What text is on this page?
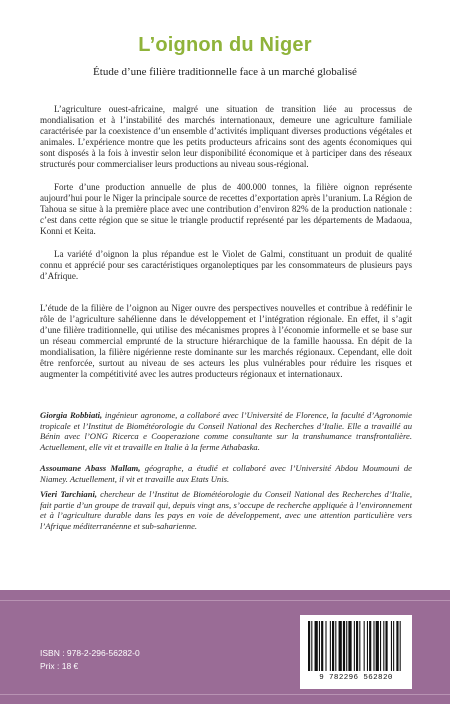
L’oignon du Niger
Étude d’une filière traditionnelle face à un marché globalisé

L’agriculture ouest-africaine, malgré une situation de transition liée au processus de mondialisation et à l’instabilité des marchés internationaux, demeure une agriculture familiale caractérisée par la coexistence d’un ensemble d’activités impliquant diverses productions végétales et animales. L’expérience montre que les petits producteurs africains sont des agents économiques qui sont disposés à la fois à investir selon leur disponibilité économique et à participer dans des réseaux structurés pour commercialiser leurs productions au niveau sous-régional.

Forte d’une production annuelle de plus de 400.000 tonnes, la filière oignon représente aujourd’hui pour le Niger la principale source de recettes d’exportation après l’uranium. La Région de Tahoua se situe à la première place avec une contribution d’environ 82% de la production nationale : c’est dans cette région que se situe le triangle productif représenté par les départements de Madaoua, Konni et Keita.

La variété d’oignon la plus répandue est le Violet de Galmi, constituant un produit de qualité connu et apprécié pour ses caractéristiques organoleptiques par les consommateurs de plusieurs pays d’Afrique.

L’étude de la filière de l’oignon au Niger ouvre des perspectives nouvelles et contribue à redéfinir le rôle de l’agriculture sahélienne dans le développement et l’intégration régionale. En effet, il s’agit d’une filière traditionnelle, qui utilise des mécanismes propres à l’économie informelle et se base sur un réseau commercial emprunté de la structure hiérarchique de la famille haoussa. En dépit de la mondialisation, la filière nigérienne reste dominante sur les marchés régionaux. Cependant, elle doit être renforcée, surtout au niveau de ses acteurs les plus vulnérables pour réduire les risques et augmenter la compétitivité avec les autres producteurs régionaux et internationaux.

Giorgia Robbiati, ingénieur agronome, a collaboré avec l’Université de Florence, la faculté d’Agronomie tropicale et l’Institut de Biométéorologie du Conseil National des Recherches d’Italie. Elle a travaillé au Bénin avec l’ONG Ricerca e Cooperazione comme consultante sur la transhumance transfrontalière. Actuellement, elle vit et travaille en Italie à la ferme Athabaska.
Assoumane Abass Mallam, géographe, a étudié et collaboré avec l’Université Abdou Moumouni de Niamey. Actuellement, il vit et travaille aux Etats Unis.
Vieri Tarchiani, chercheur de l’Institut de Biométéorologie du Conseil National des Recherches d’Italie, fait partie d’un groupe de travail qui, depuis vingt ans, s’occupe de recherche appliquée à l’environnement et à l’agriculture durable dans les pays en voie de développement, avec une attention particulière vers l’Afrique méditerranéenne et sub-saharienne.
ISBN : 978-2-296-56282-0
Prix : 18 €
9 782296 562820
